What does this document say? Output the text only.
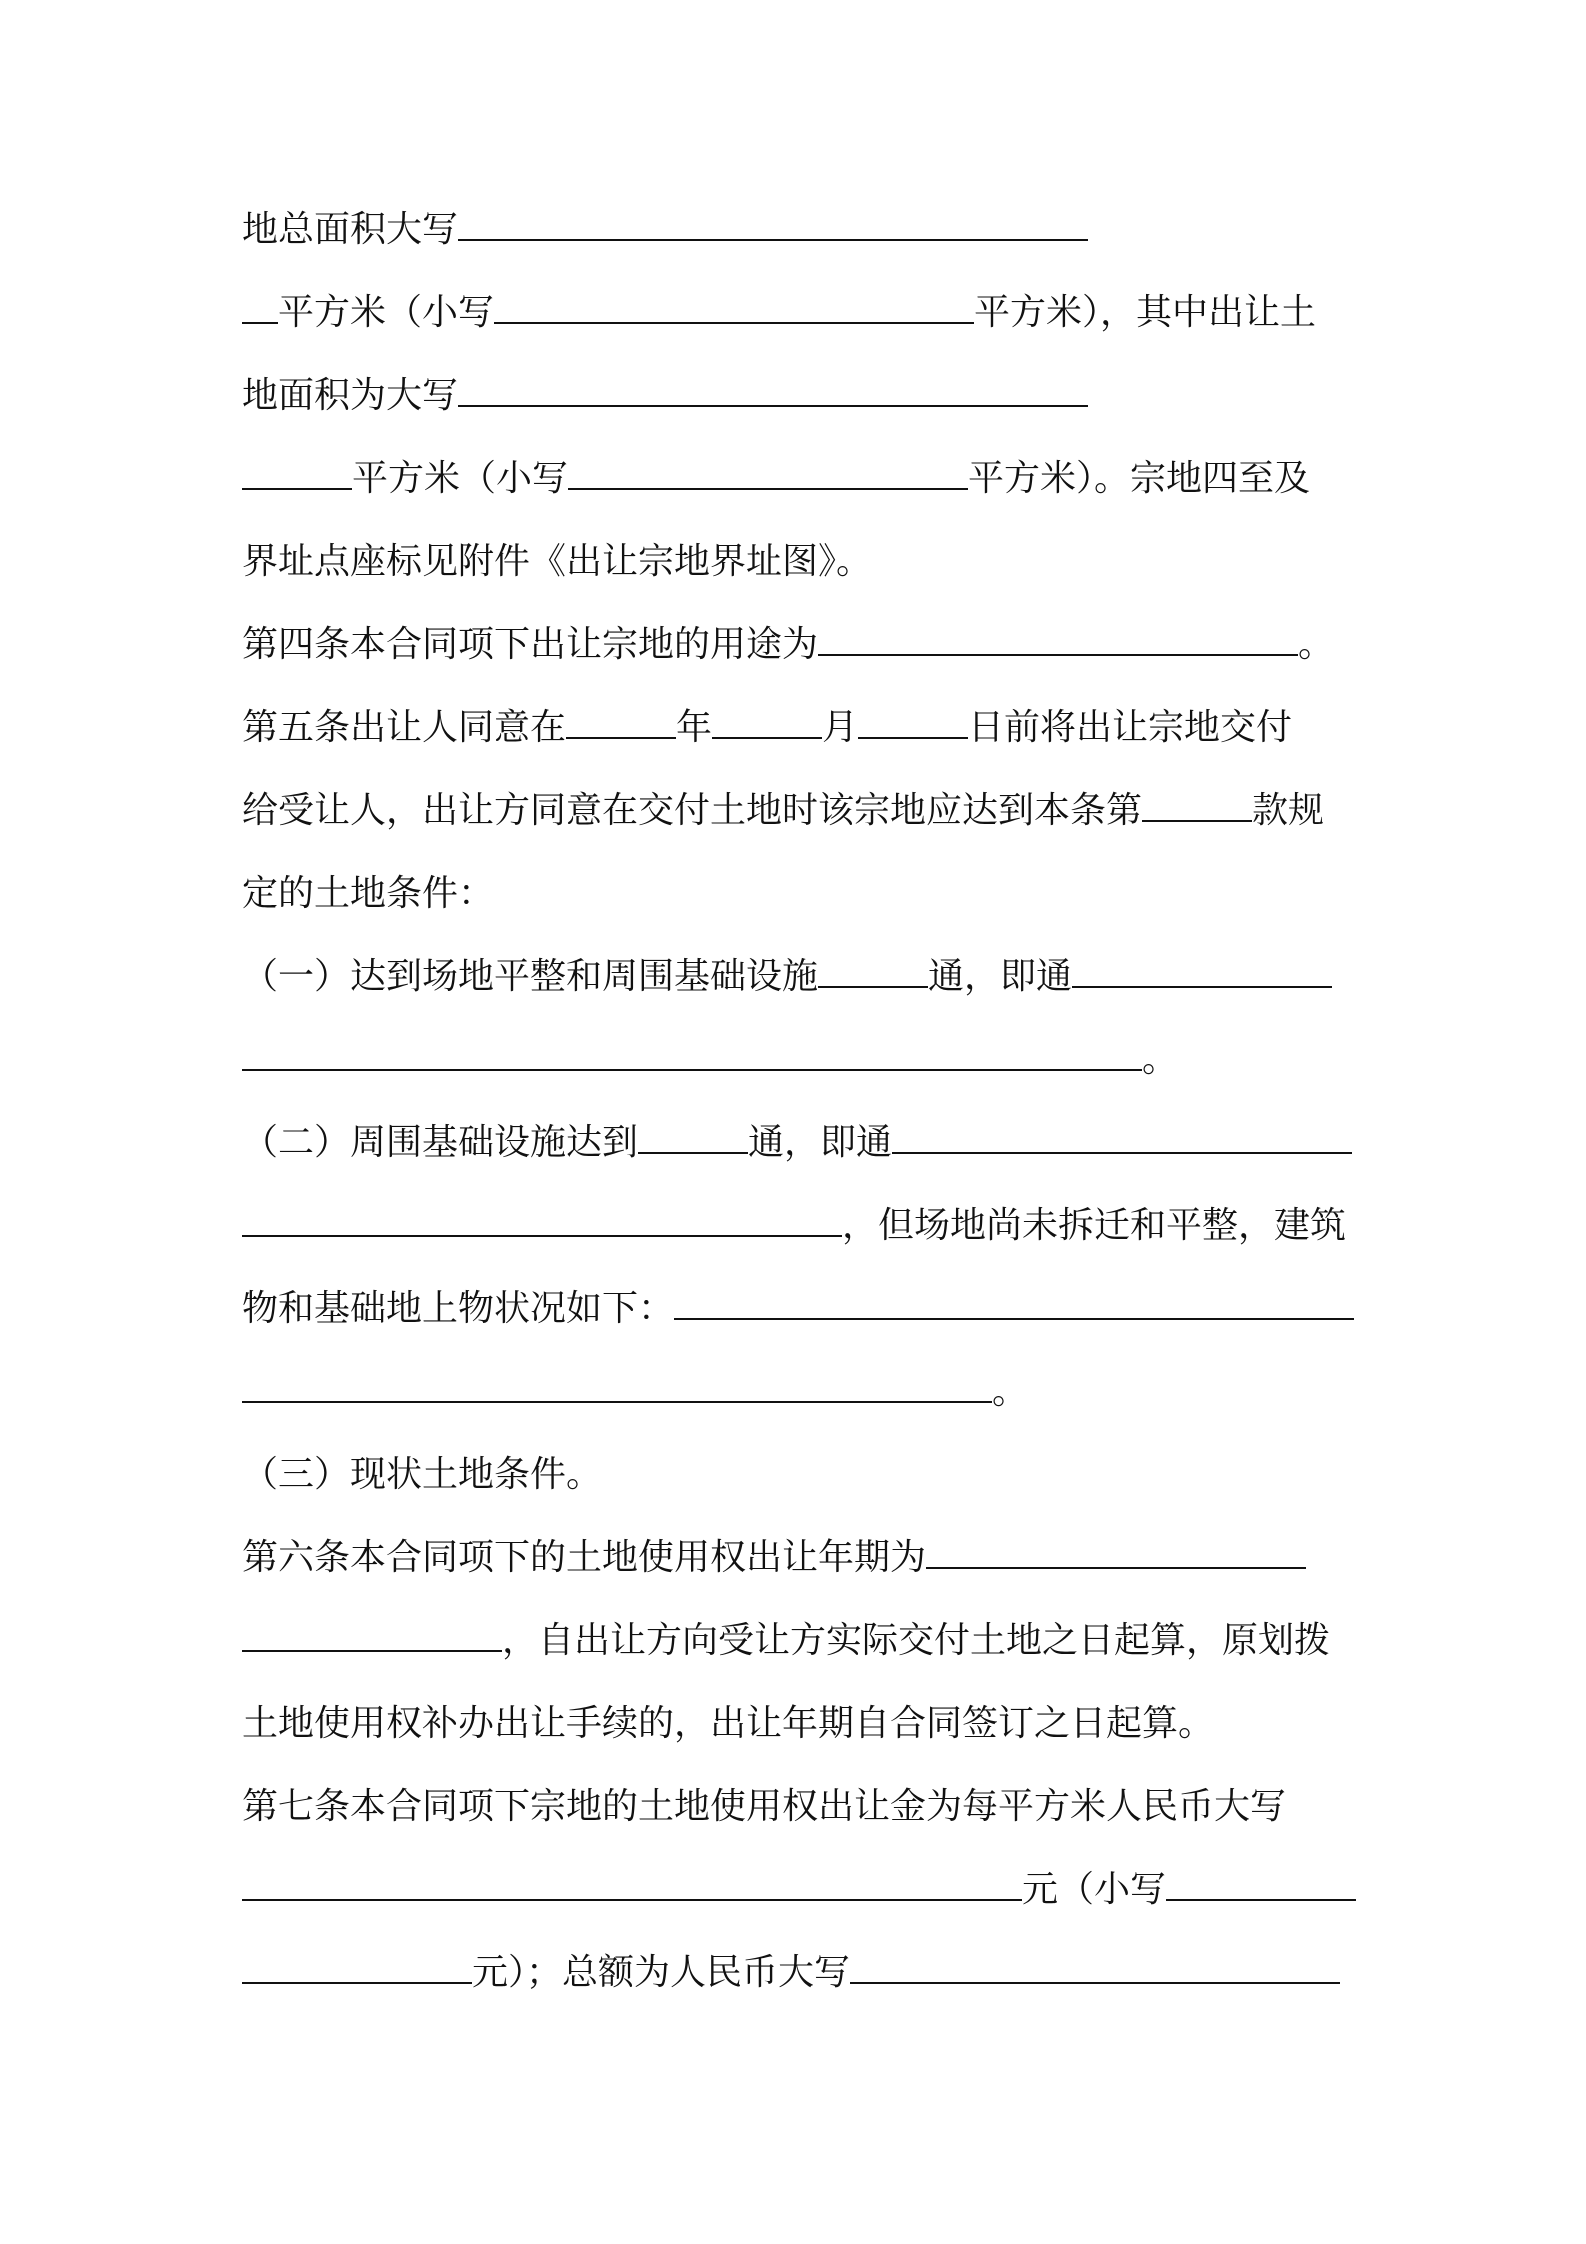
地总面积大写
平方米（小写	平方米），其中出让土
地面积为大写
平方米（小写	平方米）。宗地四至及
界址点座标见附件《出让宗地界址图》。
第四条本合同项下出让宗地的用途为	。
第五条出让人同意在	年	月	日前将出让宗地交付
给受让人，出让方同意在交付土地时该宗地应达到本条第	款规
定的土地条件：
（一）达到场地平整和周围基础设施	通，即通
。
（二）周围基础设施达到	通，即通
，但场地尚未拆迁和平整，建筑
物和基础地上物状况如下：
。
（三）现状土地条件。
第六条本合同项下的土地使用权出让年期为
，自出让方向受让方实际交付土地之日起算，原划拨
土地使用权补办出让手续的，出让年期自合同签订之日起算。
第七条本合同项下宗地的土地使用权出让金为每平方米人民币大写
元（小写
元）；总额为人民币大写
